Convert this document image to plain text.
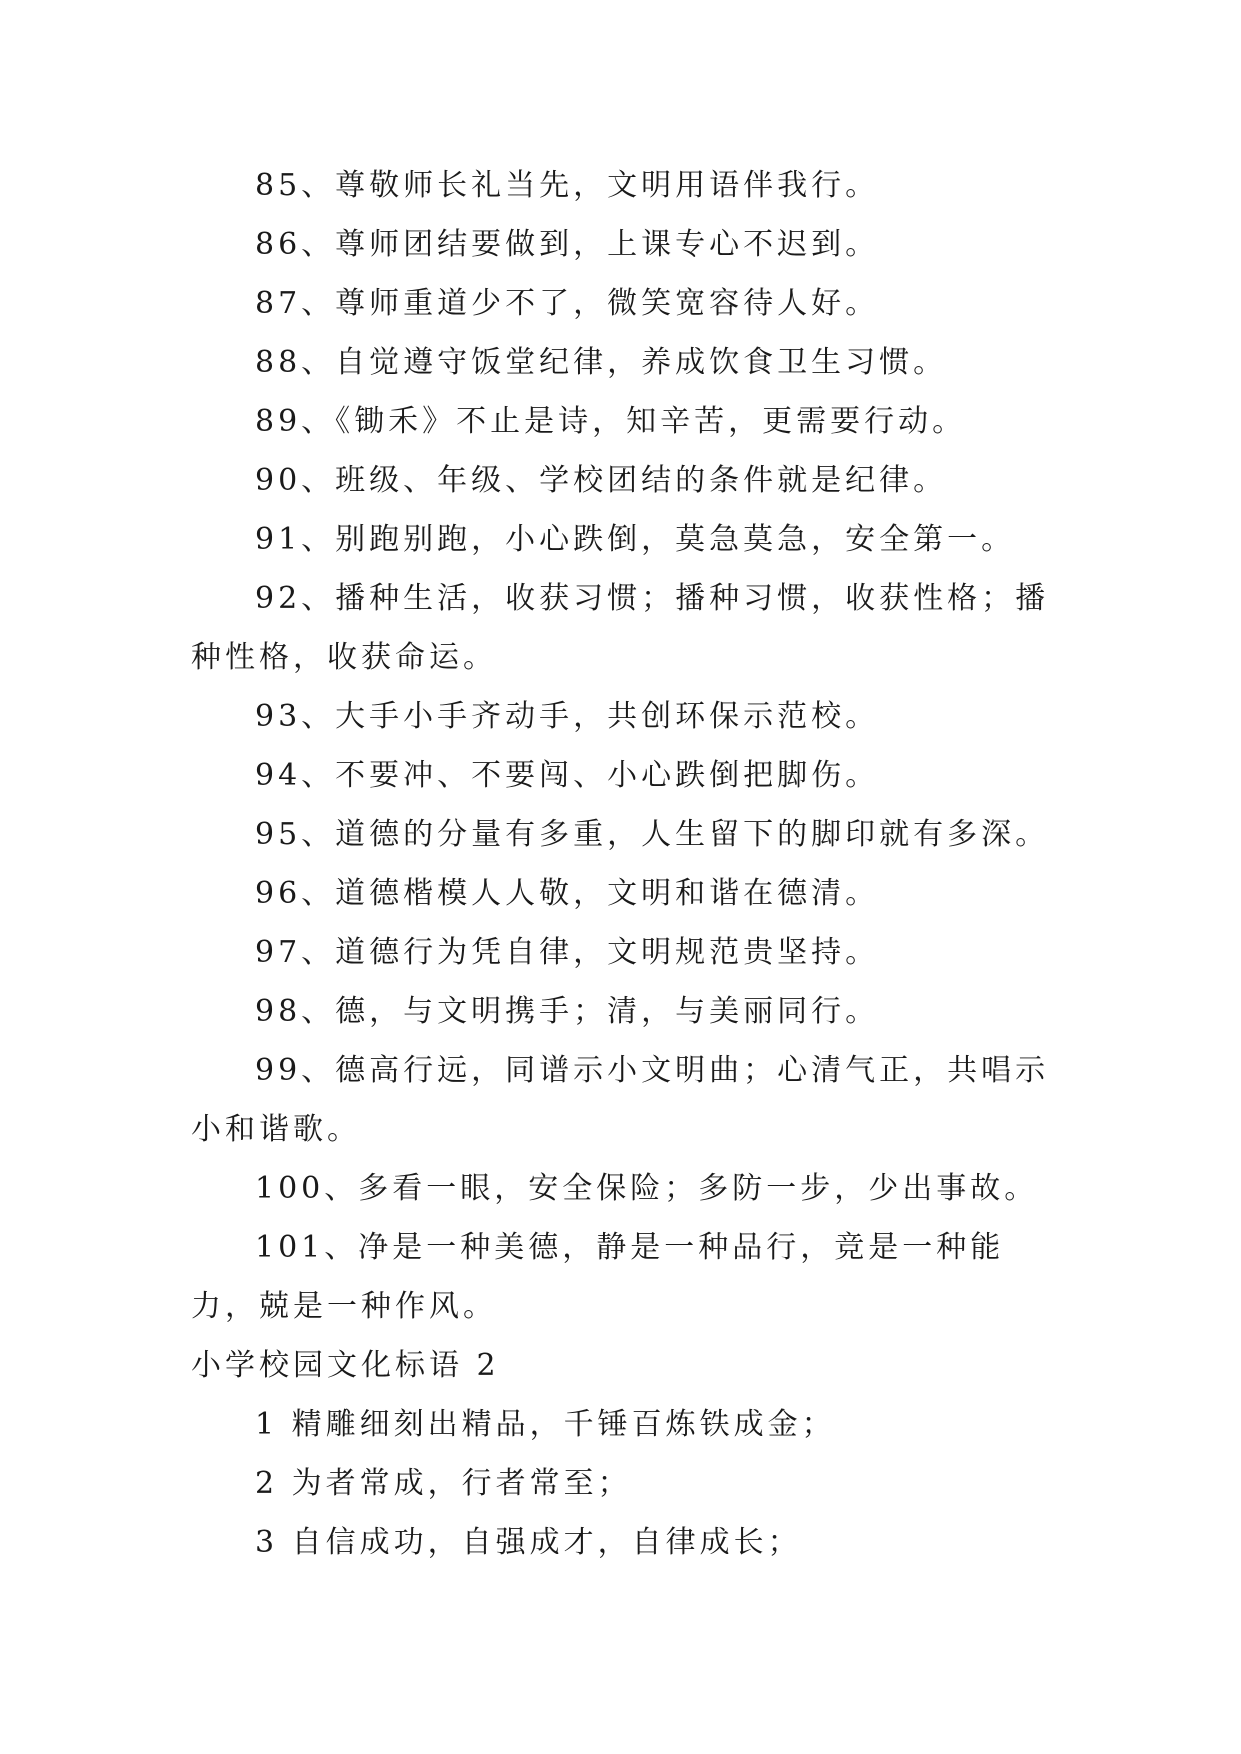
85、尊敬师长礼当先，文明用语伴我行。

86、尊师团结要做到，上课专心不迟到。

87、尊师重道少不了，微笑宽容待人好。

88、自觉遵守饭堂纪律，养成饮食卫生习惯。

89、《锄禾》不止是诗，知辛苦，更需要行动。

90、班级、年级、学校团结的条件就是纪律。

91、别跑别跑，小心跌倒，莫急莫急，安全第一。

92、播种生活，收获习惯；播种习惯，收获性格；播种性格，收获命运。

93、大手小手齐动手，共创环保示范校。

94、不要冲、不要闯、小心跌倒把脚伤。

95、道德的分量有多重，人生留下的脚印就有多深。

96、道德楷模人人敬，文明和谐在德清。

97、道德行为凭自律，文明规范贵坚持。

98、德，与文明携手；清，与美丽同行。

99、德高行远，同谱示小文明曲；心清气正，共唱示小和谐歌。

100、多看一眼，安全保险；多防一步，少出事故。

101、净是一种美德，静是一种品行，竞是一种能力，兢是一种作风。

小学校园文化标语 2

1 精雕细刻出精品，千锤百炼铁成金；

2 为者常成，行者常至；

3 自信成功，自强成才，自律成长；
